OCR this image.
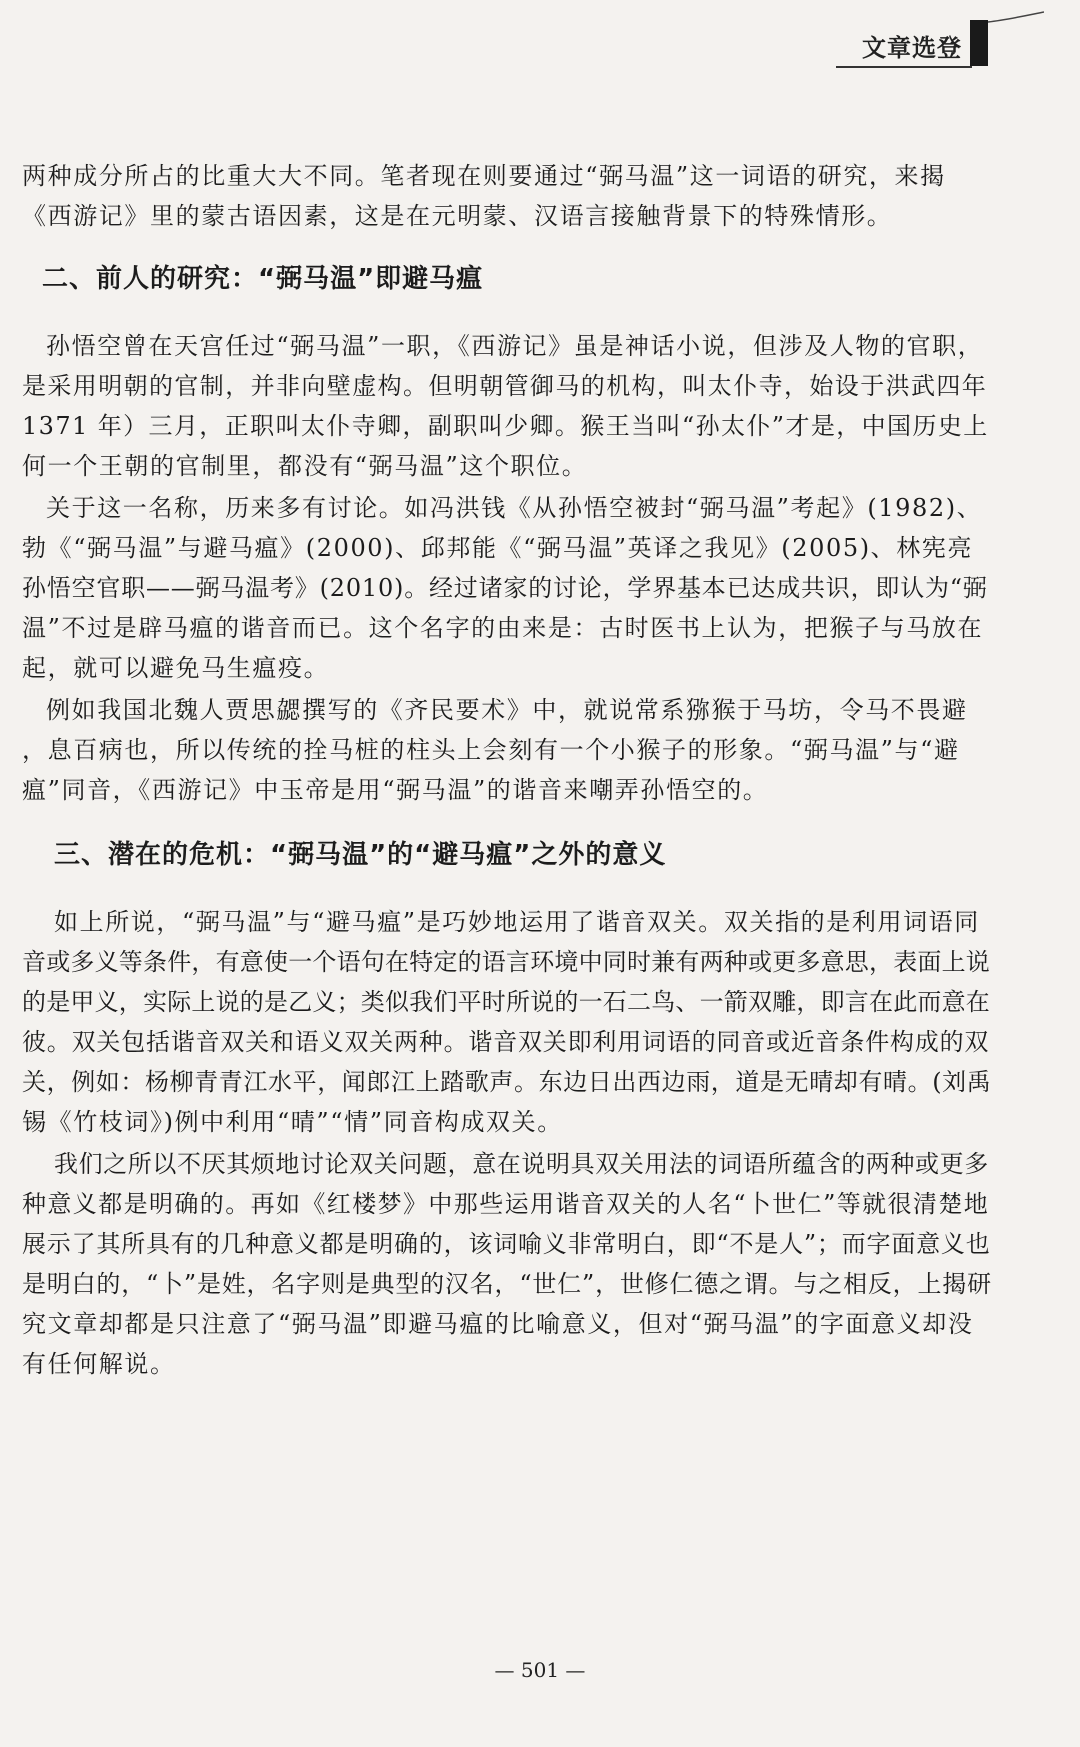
文章选登
两种成分所占的比重大大不同。笔者现在则要通过“弼马温”这一词语的研究，来揭
《西游记》里的蒙古语因素，这是在元明蒙、汉语言接触背景下的特殊情形。
二、前人的研究：“弼马温”即避马瘟
孙悟空曾在天宫任过“弼马温”一职，《西游记》虽是神话小说，但涉及人物的官职，
是采用明朝的官制，并非向壁虚构。但明朝管御马的机构，叫太仆寺，始设于洪武四年
1371 年）三月，正职叫太仆寺卿，副职叫少卿。猴王当叫“孙太仆”才是，中国历史上
何一个王朝的官制里，都没有“弼马温”这个职位。
关于这一名称，历来多有讨论。如冯洪钱《从孙悟空被封“弼马温”考起》(1982)、
勃《“弼马温”与避马瘟》(2000)、邱邦能《“弼马温”英译之我见》(2005)、林宪亮
孙悟空官职——弼马温考》(2010)。经过诸家的讨论，学界基本已达成共识，即认为“弼
温”不过是辟马瘟的谐音而已。这个名字的由来是：古时医书上认为，把猴子与马放在
起，就可以避免马生瘟疫。
例如我国北魏人贾思勰撰写的《齐民要术》中，就说常系猕猴于马坊，令马不畏避
，息百病也，所以传统的拴马桩的柱头上会刻有一个小猴子的形象。“弼马温”与“避
瘟”同音，《西游记》中玉帝是用“弼马温”的谐音来嘲弄孙悟空的。
三、潜在的危机：“弼马温”的“避马瘟”之外的意义
如上所说，“弼马温”与“避马瘟”是巧妙地运用了谐音双关。双关指的是利用词语同
音或多义等条件，有意使一个语句在特定的语言环境中同时兼有两种或更多意思，表面上说
的是甲义，实际上说的是乙义；类似我们平时所说的一石二鸟、一箭双雕，即言在此而意在
彼。双关包括谐音双关和语义双关两种。谐音双关即利用词语的同音或近音条件构成的双
关，例如：杨柳青青江水平，闻郎江上踏歌声。东边日出西边雨，道是无晴却有晴。(刘禹
锡《竹枝词》)例中利用“晴”“情”同音构成双关。
我们之所以不厌其烦地讨论双关问题，意在说明具双关用法的词语所蕴含的两种或更多
种意义都是明确的。再如《红楼梦》中那些运用谐音双关的人名“卜世仁”等就很清楚地
展示了其所具有的几种意义都是明确的，该词喻义非常明白，即“不是人”；而字面意义也
是明白的，“卜”是姓，名字则是典型的汉名，“世仁”，世修仁德之谓。与之相反，上揭研
究文章却都是只注意了“弼马温”即避马瘟的比喻意义，但对“弼马温”的字面意义却没
有任何解说。
— 501 —
